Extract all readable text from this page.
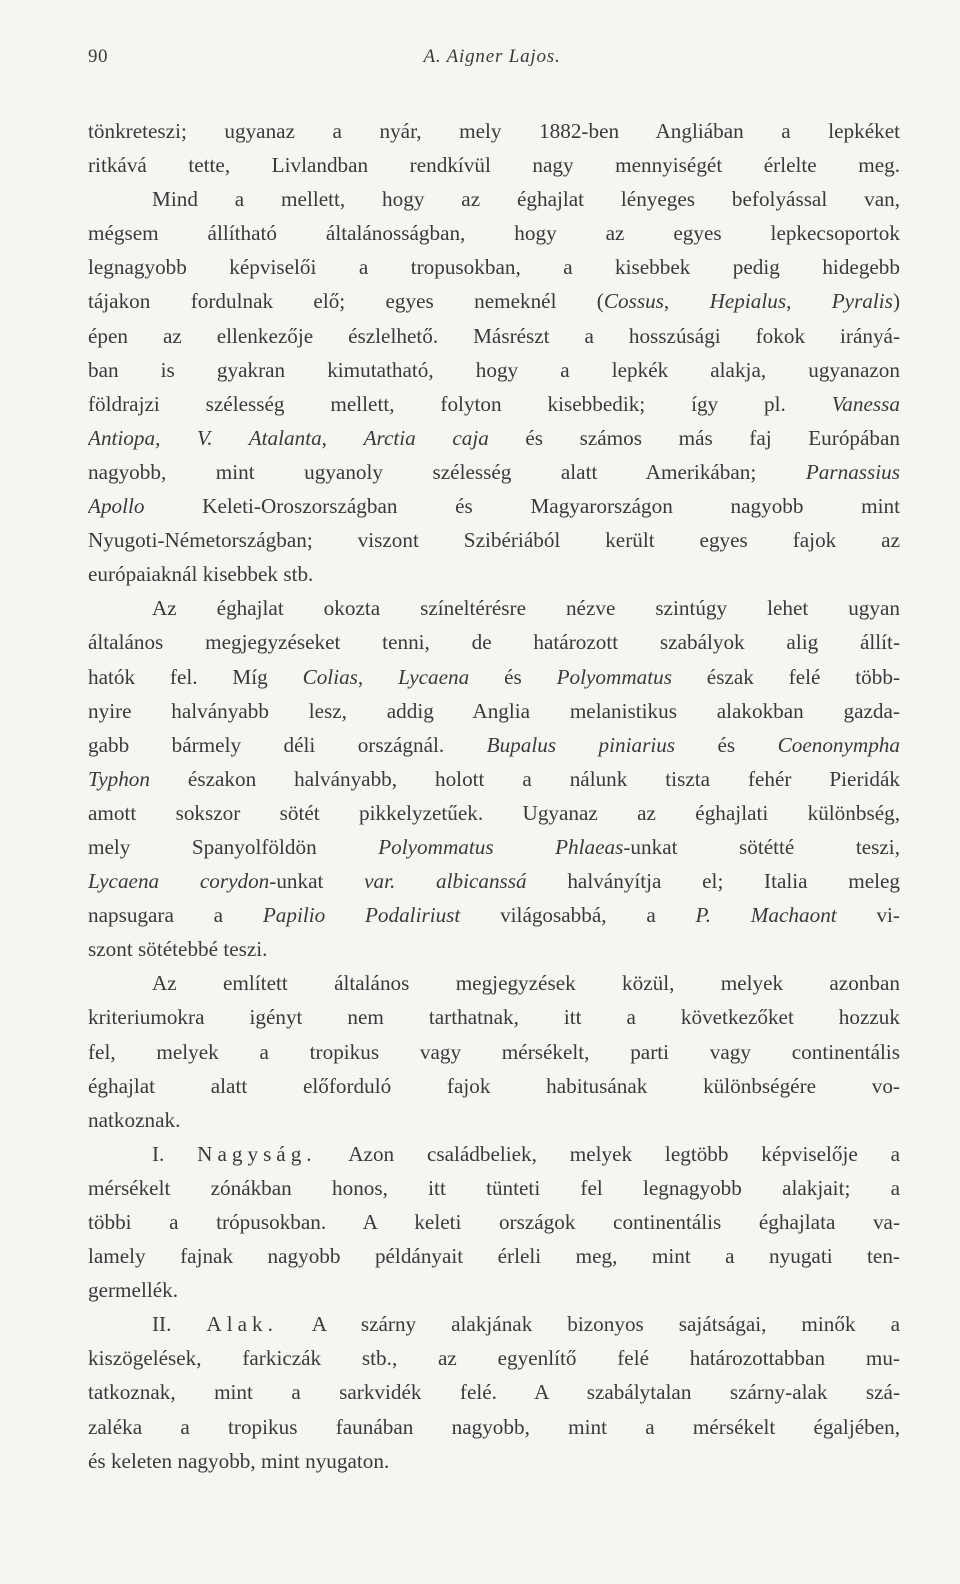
90	A. Aigner Lajos.
tönkreteszi; ugyanaz a nyár, mely 1882-ben Angliában a lepkéket
ritkává tette, Livlandban rendkívül nagy mennyiségét érlelte meg.
Mind a mellett, hogy az éghajlat lényeges befolyással van,
mégsem állítható általánosságban, hogy az egyes lepkecsoportok
legnagyobb képviselői a tropusokban, a kisebbek pedig hidegebb
tájakon fordulnak elő; egyes nemeknél (Cossus, Hepialus, Pyralis)
épen az ellenkezője észlelhető. Másrészt a hosszúsági fokok irányá-
ban is gyakran kimutatható, hogy a lepkék alakja, ugyanazon
földrajzi szélesség mellett, folyton kisebbedik; így pl. Vanessa
Antiopa, V. Atalanta, Arctia caja és számos más faj Európában
nagyobb, mint ugyanoly szélesség alatt Amerikában; Parnassius
Apollo Keleti-Oroszországban és Magyarországon nagyobb mint
Nyugoti-Németországban; viszont Szibériából került egyes fajok az
európaiaknál kisebbek stb.
Az éghajlat okozta színeltérésre nézve szintúgy lehet ugyan
általános megjegyzéseket tenni, de határozott szabályok alig állít-
hatók fel. Míg Colias, Lycaena és Polyommatus észak felé több-
nyire halványabb lesz, addig Anglia melanistikus alakokban gazda-
gabb bármely déli országnál. Bupalus piniarius és Coenonympha
Typhon északon halványabb, holott a nálunk tiszta fehér Pieridák
amott sokszor sötét pikkelyzetűek. Ugyanaz az éghajlati különbség,
mely Spanyolföldön Polyommatus Phlaeas-unkat sötétté teszi,
Lycaena corydon-unkat var. albicanssá halványítja el; Italia meleg
napsugara a Papilio Podaliriust világosabbá, a P. Machaont vi-
szont sötétebbé teszi.
Az említett általános megjegyzések közül, melyek azonban
kriteriumokra igényt nem tarthatnak, itt a következőket hozzuk
fel, melyek a tropikus vagy mérsékelt, parti vagy continentális
éghajlat alatt előforduló fajok habitusának különbségére vo-
natkoznak.
I. Nagyság. Azon családbeliek, melyek legtöbb képviselője a
mérsékelt zónákban honos, itt tünteti fel legnagyobb alakjait; a
többi a trópusokban. A keleti országok continentális éghajlata va-
lamely fajnak nagyobb példányait érleli meg, mint a nyugati ten-
germellék.
II. Alak. A szárny alakjának bizonyos sajátságai, minők a
kiszögelések, farkiczák stb., az egyenlítő felé határozottabban mu-
tatkoznak, mint a sarkvidék felé. A szabálytalan szárny-alak szá-
zaléka a tropikus faunában nagyobb, mint a mérsékelt égaljében,
és keleten nagyobb, mint nyugaton.
